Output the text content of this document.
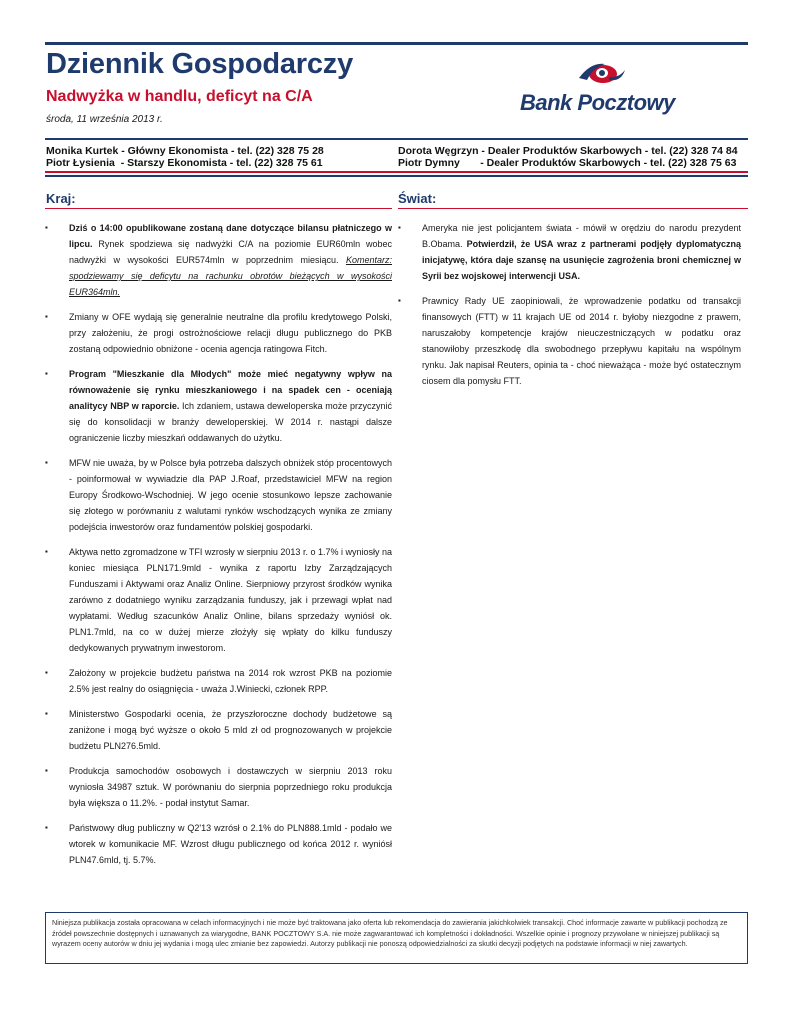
Dziennik Gospodarczy
Nadwyżka w handlu, deficyt na C/A
środa, 11 września 2013 r.
Bank Pocztowy
Monika Kurtek - Główny Ekonomista - tel. (22) 328 75 28
Piotr Łysienia  - Starszy Ekonomista - tel. (22) 328 75 61
Dorota Węgrzyn - Dealer Produktów Skarbowych - tel. (22) 328 74 84
Piotr Dymny       - Dealer Produktów Skarbowych - tel. (22) 328 75 63
Kraj:	Świat:
▪ Dziś o 14:00 opublikowane zostaną dane dotyczące bilansu płatniczego w lipcu. Rynek spodziewa się nadwyżki C/A na poziomie EUR60mln wobec nadwyżki w wysokości EUR574mln w poprzednim miesiącu. Komentarz: spodziewamy się deficytu na rachunku obrotów bieżących w wysokości EUR364mln.
▪ Zmiany w OFE wydają się generalnie neutralne dla profilu kredytowego Polski, przy założeniu, że progi ostrożnościowe relacji długu publicznego do PKB zostaną odpowiednio obniżone - ocenia agencja ratingowa Fitch.
▪ Program "Mieszkanie dla Młodych" może mieć negatywny wpływ na równoważenie się rynku mieszkaniowego i na spadek cen - oceniają analitycy NBP w raporcie. Ich zdaniem, ustawa deweloperska może przyczynić się do konsolidacji w branży deweloperskiej. W 2014 r. nastąpi dalsze ograniczenie liczby mieszkań oddawanych do użytku.
▪ MFW nie uważa, by w Polsce była potrzeba dalszych obniżek stóp procentowych - poinformował w wywiadzie dla PAP J.Roaf, przedstawiciel MFW na region Europy Środkowo-Wschodniej. W jego ocenie stosunkowo lepsze zachowanie się złotego w porównaniu z walutami rynków wschodzących wynika ze zmiany podejścia inwestorów oraz fundamentów polskiej gospodarki.
▪ Aktywa netto zgromadzone w TFI wzrosły w sierpniu 2013 r. o 1.7% i wyniosły na koniec miesiąca PLN171.9mld - wynika z raportu Izby Zarządzających Funduszami i Aktywami oraz Analiz Online. Sierpniowy przyrost środków wynika zarówno z dodatniego wyniku zarządzania funduszy, jak i przewagi wpłat nad wypłatami. Według szacunków Analiz Online, bilans sprzedaży wyniósł ok. PLN1.7mld, na co w dużej mierze złożyły się wpłaty do kilku funduszy dedykowanych prywatnym inwestorom.
▪ Założony w projekcie budżetu państwa na 2014 rok wzrost PKB na poziomie 2.5% jest realny do osiągnięcia - uważa J.Winiecki, członek RPP.
▪ Ministerstwo Gospodarki ocenia, że przyszłoroczne dochody budżetowe są zaniżone i mogą być wyższe o około 5 mld zł od prognozowanych w projekcie budżetu PLN276.5mld.
▪ Produkcja samochodów osobowych i dostawczych w sierpniu 2013 roku wyniosła 34987 sztuk. W porównaniu do sierpnia poprzedniego roku produkcja była większa o 11.2%. - podał instytut Samar.
▪ Państwowy dług publiczny w Q2'13 wzrósł o 2.1% do PLN888.1mld - podało we wtorek w komunikacie MF. Wzrost długu publicznego od końca 2012 r. wyniósł PLN47.6mld, tj. 5.7%.
▪ Ameryka nie jest policjantem świata - mówił w orędziu do narodu prezydent B.Obama. Potwierdził, że USA wraz z partnerami podjęły dyplomatyczną inicjatywę, która daje szansę na usunięcie zagrożenia broni chemicznej w Syrii bez wojskowej interwencji USA.
▪ Prawnicy Rady UE zaopiniowali, że wprowadzenie podatku od transakcji finansowych (FTT) w 11 krajach UE od 2014 r. byłoby niezgodne z prawem, naruszałoby kompetencje krajów nieuczestniczących w podatku oraz stanowiłoby przeszkodę dla swobodnego przepływu kapitału na wspólnym rynku. Jak napisał Reuters, opinia ta - choć nieważąca - może być ostatecznym ciosem dla pomysłu FTT.
Niniejsza publikacja została opracowana w celach informacyjnych i nie może być traktowana jako oferta lub rekomendacja do zawierania jakichkolwiek transakcji. Choć informacje zawarte w publikacji pochodzą ze źródeł powszechnie dostępnych i uznawanych za wiarygodne, BANK POCZTOWY S.A. nie może zagwarantować ich kompletności i dokładności. Wszelkie opinie i prognozy przywołane w niniejszej publikacji są wyrazem oceny autorów w dniu jej wydania i mogą ulec zmianie bez zapowiedzi. Autorzy publikacji nie ponoszą odpowiedzialności za skutki decyzji podjętych na podstawie informacji w niej zawartych.
